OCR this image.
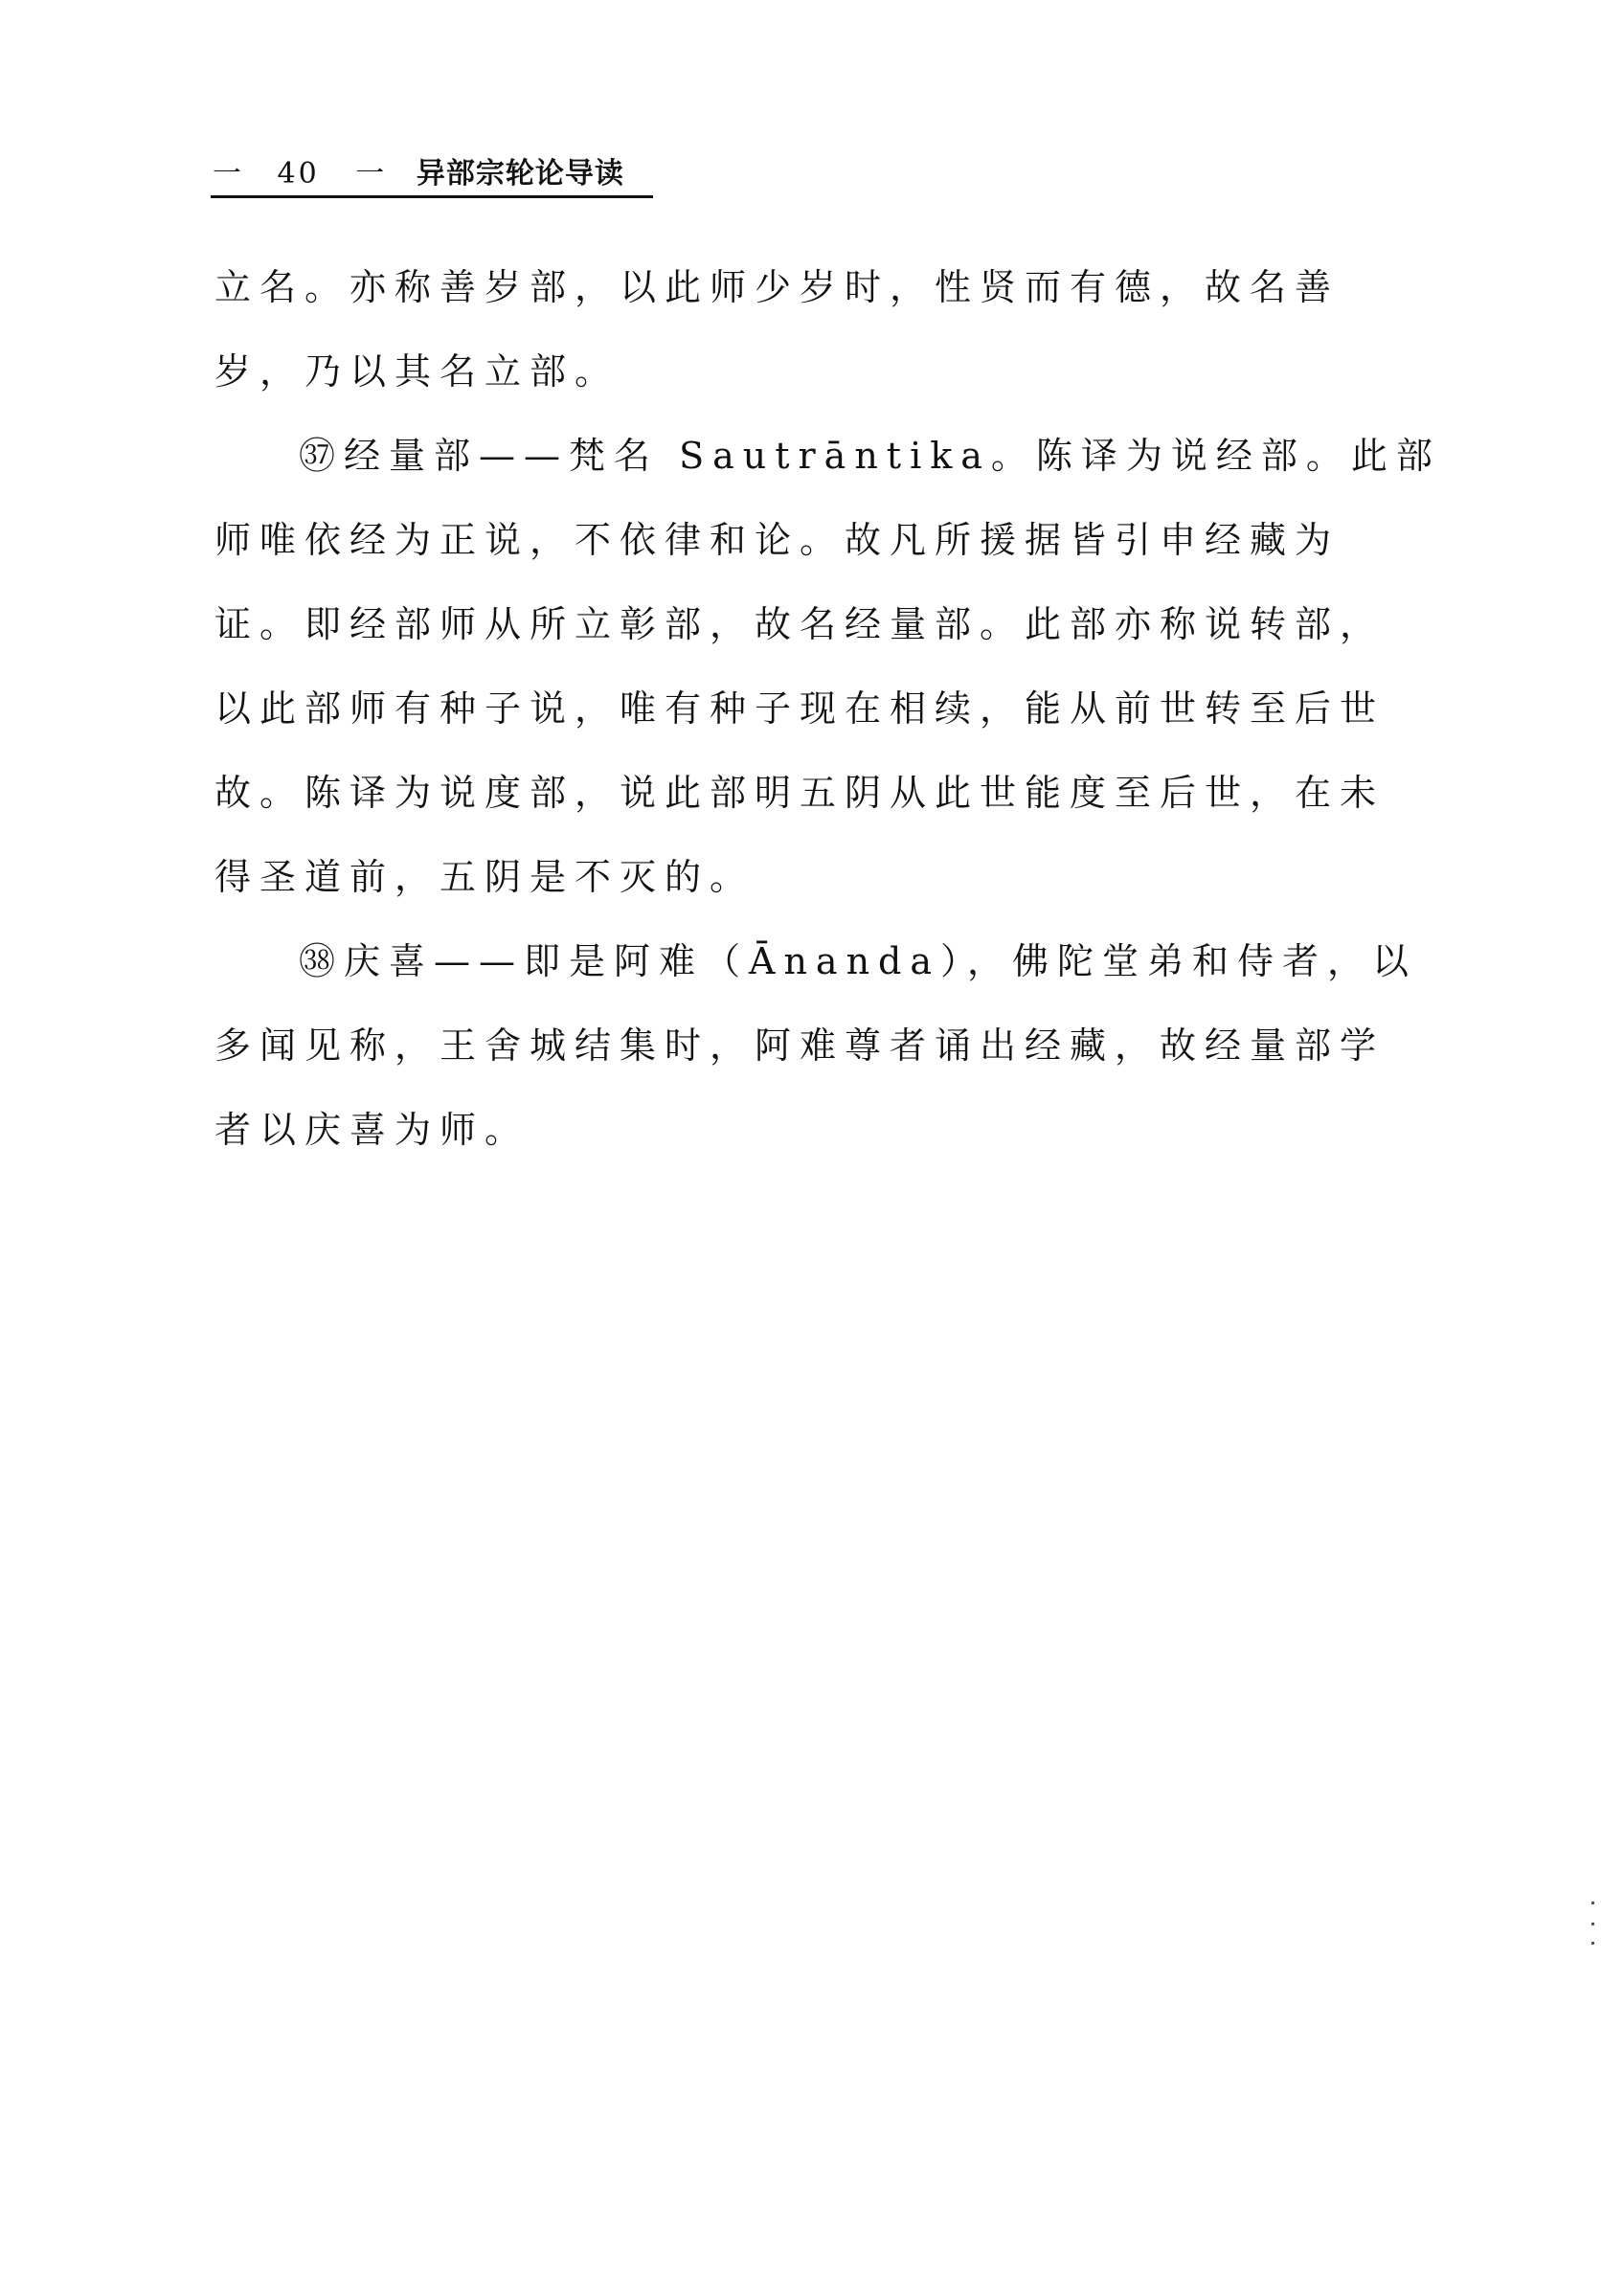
一 40 一 异部宗轮论导读

立名。亦称善岁部，以此师少岁时，性贤而有德，故名善
岁，乃以其名立部。

㊲经量部——梵名 Sautrāntika。陈译为说经部。此部
师唯依经为正说，不依律和论。故凡所援据皆引申经藏为
证。即经部师从所立彰部，故名经量部。此部亦称说转部，
以此部师有种子说，唯有种子现在相续，能从前世转至后世
故。陈译为说度部，说此部明五阴从此世能度至后世，在未
得圣道前，五阴是不灭的。

㊳庆喜——即是阿难（Ānanda），佛陀堂弟和侍者，以
多闻见称，王舍城结集时，阿难尊者诵出经藏，故经量部学
者以庆喜为师。
